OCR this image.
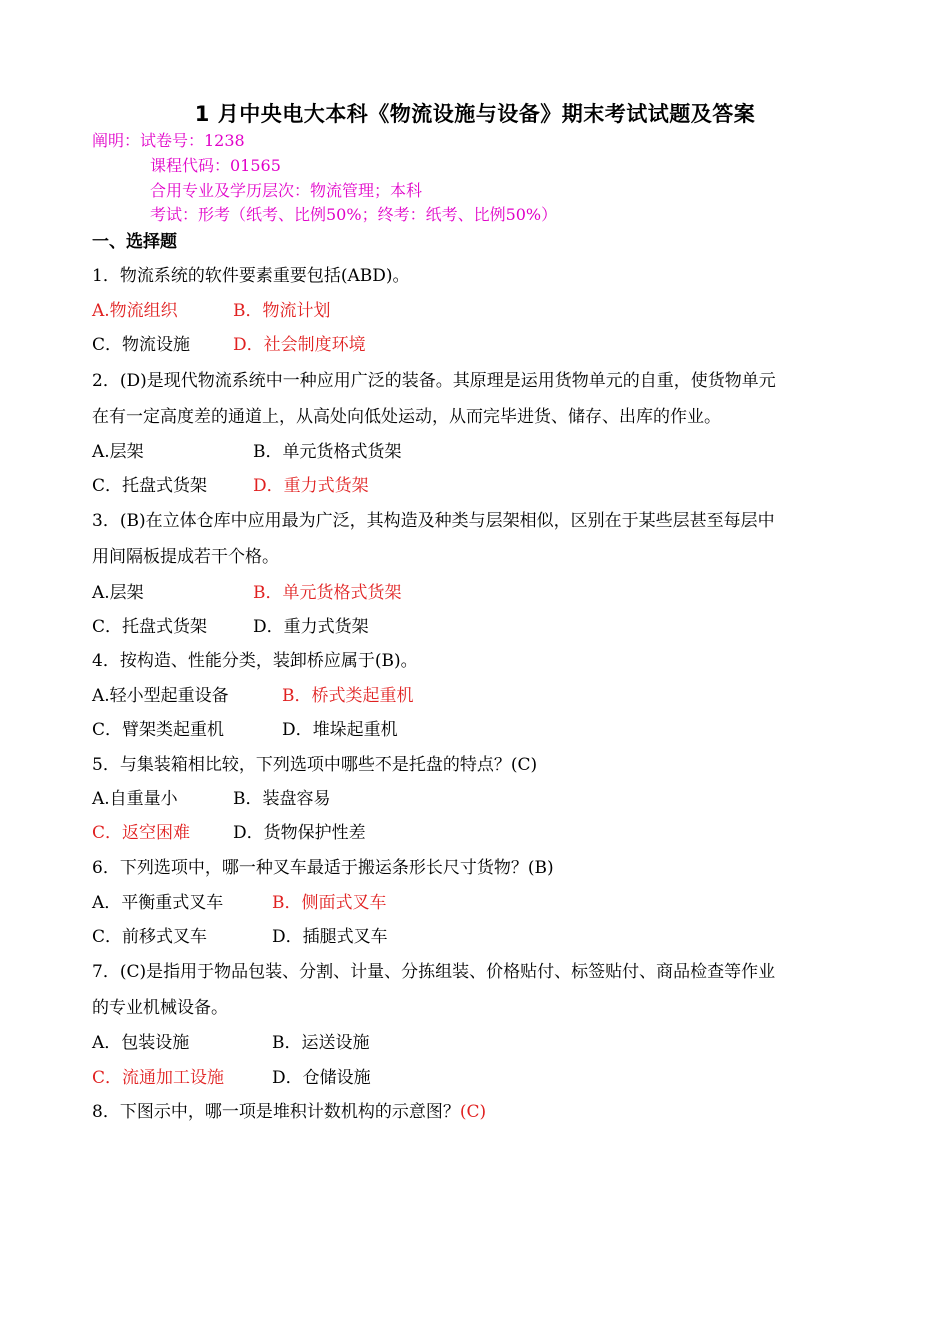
1 月中央电大本科《物流设施与设备》期末考试试题及答案
阐明：试卷号：1238
课程代码：01565
合用专业及学历层次：物流管理；本科
考试：形考（纸考、比例50%；终考：纸考、比例50%）
一、选择题
1．物流系统的软件要素重要包括(ABD)。
A.物流组织	B．物流计划
C．物流设施	D．社会制度环境
2．(D)是现代物流系统中一种应用广泛的装备。其原理是运用货物单元的自重，使货物单元
在有一定高度差的通道上，从高处向低处运动，从而完毕进货、储存、出库的作业。
A.层架	B．单元货格式货架
C．托盘式货架	D．重力式货架
3．(B)在立体仓库中应用最为广泛，其构造及种类与层架相似，区别在于某些层甚至每层中
用间隔板提成若干个格。
A.层架	B．单元货格式货架
C．托盘式货架	D．重力式货架
4．按构造、性能分类，装卸桥应属于(B)。
A.轻小型起重设备	B．桥式类起重机
C．臂架类起重机	D．堆垛起重机
5．与集装箱相比较，下列选项中哪些不是托盘的特点？(C)
A.自重量小	B．装盘容易
C．返空困难	D．货物保护性差
6．下列选项中，哪一种叉车最适于搬运条形长尺寸货物？(B)
A．平衡重式叉车	B．侧面式叉车
C．前移式叉车	D．插腿式叉车
7．(C)是指用于物品包装、分割、计量、分拣组装、价格贴付、标签贴付、商品检查等作业
的专业机械设备。
A．包装设施	B．运送设施
C．流通加工设施	D．仓储设施
8．下图示中，哪一项是堆积计数机构的示意图？(C)
